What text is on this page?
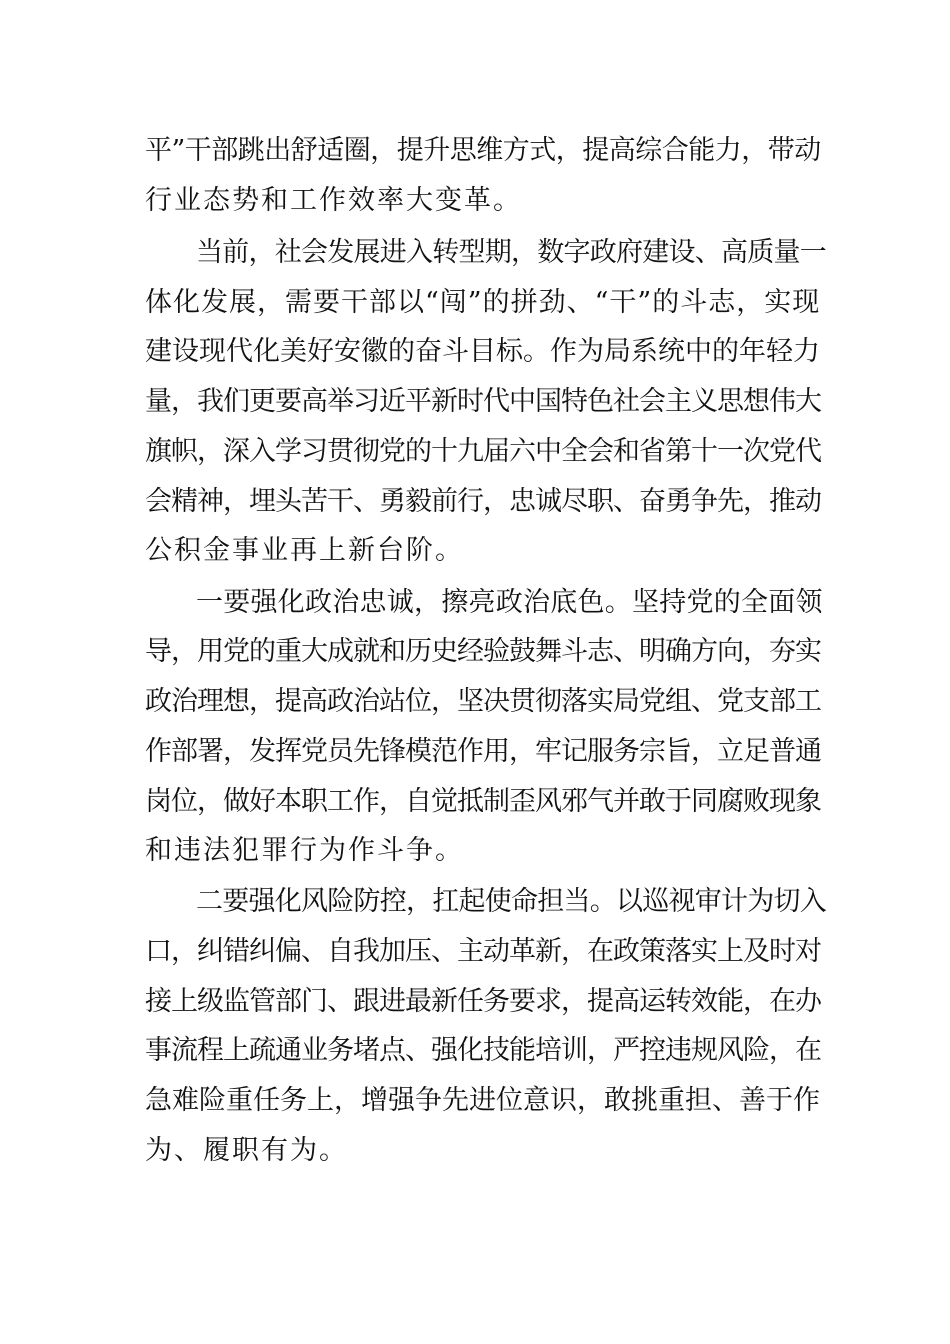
平”干部跳出舒适圈，提升思维方式，提高综合能力，带动
行业态势和工作效率大变革。
当前，社会发展进入转型期，数字政府建设、高质量一
体化发展，需要干部以“闯”的拼劲、“干”的斗志，实现
建设现代化美好安徽的奋斗目标。作为局系统中的年轻力
量，我们更要高举习近平新时代中国特色社会主义思想伟大
旗帜，深入学习贯彻党的十九届六中全会和省第十一次党代
会精神，埋头苦干、勇毅前行，忠诚尽职、奋勇争先，推动
公积金事业再上新台阶。
一要强化政治忠诚，擦亮政治底色。坚持党的全面领
导，用党的重大成就和历史经验鼓舞斗志、明确方向，夯实
政治理想，提高政治站位，坚决贯彻落实局党组、党支部工
作部署，发挥党员先锋模范作用，牢记服务宗旨，立足普通
岗位，做好本职工作，自觉抵制歪风邪气并敢于同腐败现象
和违法犯罪行为作斗争。
二要强化风险防控，扛起使命担当。以巡视审计为切入
口，纠错纠偏、自我加压、主动革新，在政策落实上及时对
接上级监管部门、跟进最新任务要求，提高运转效能，在办
事流程上疏通业务堵点、强化技能培训，严控违规风险，在
急难险重任务上，增强争先进位意识，敢挑重担、善于作
为、履职有为。
